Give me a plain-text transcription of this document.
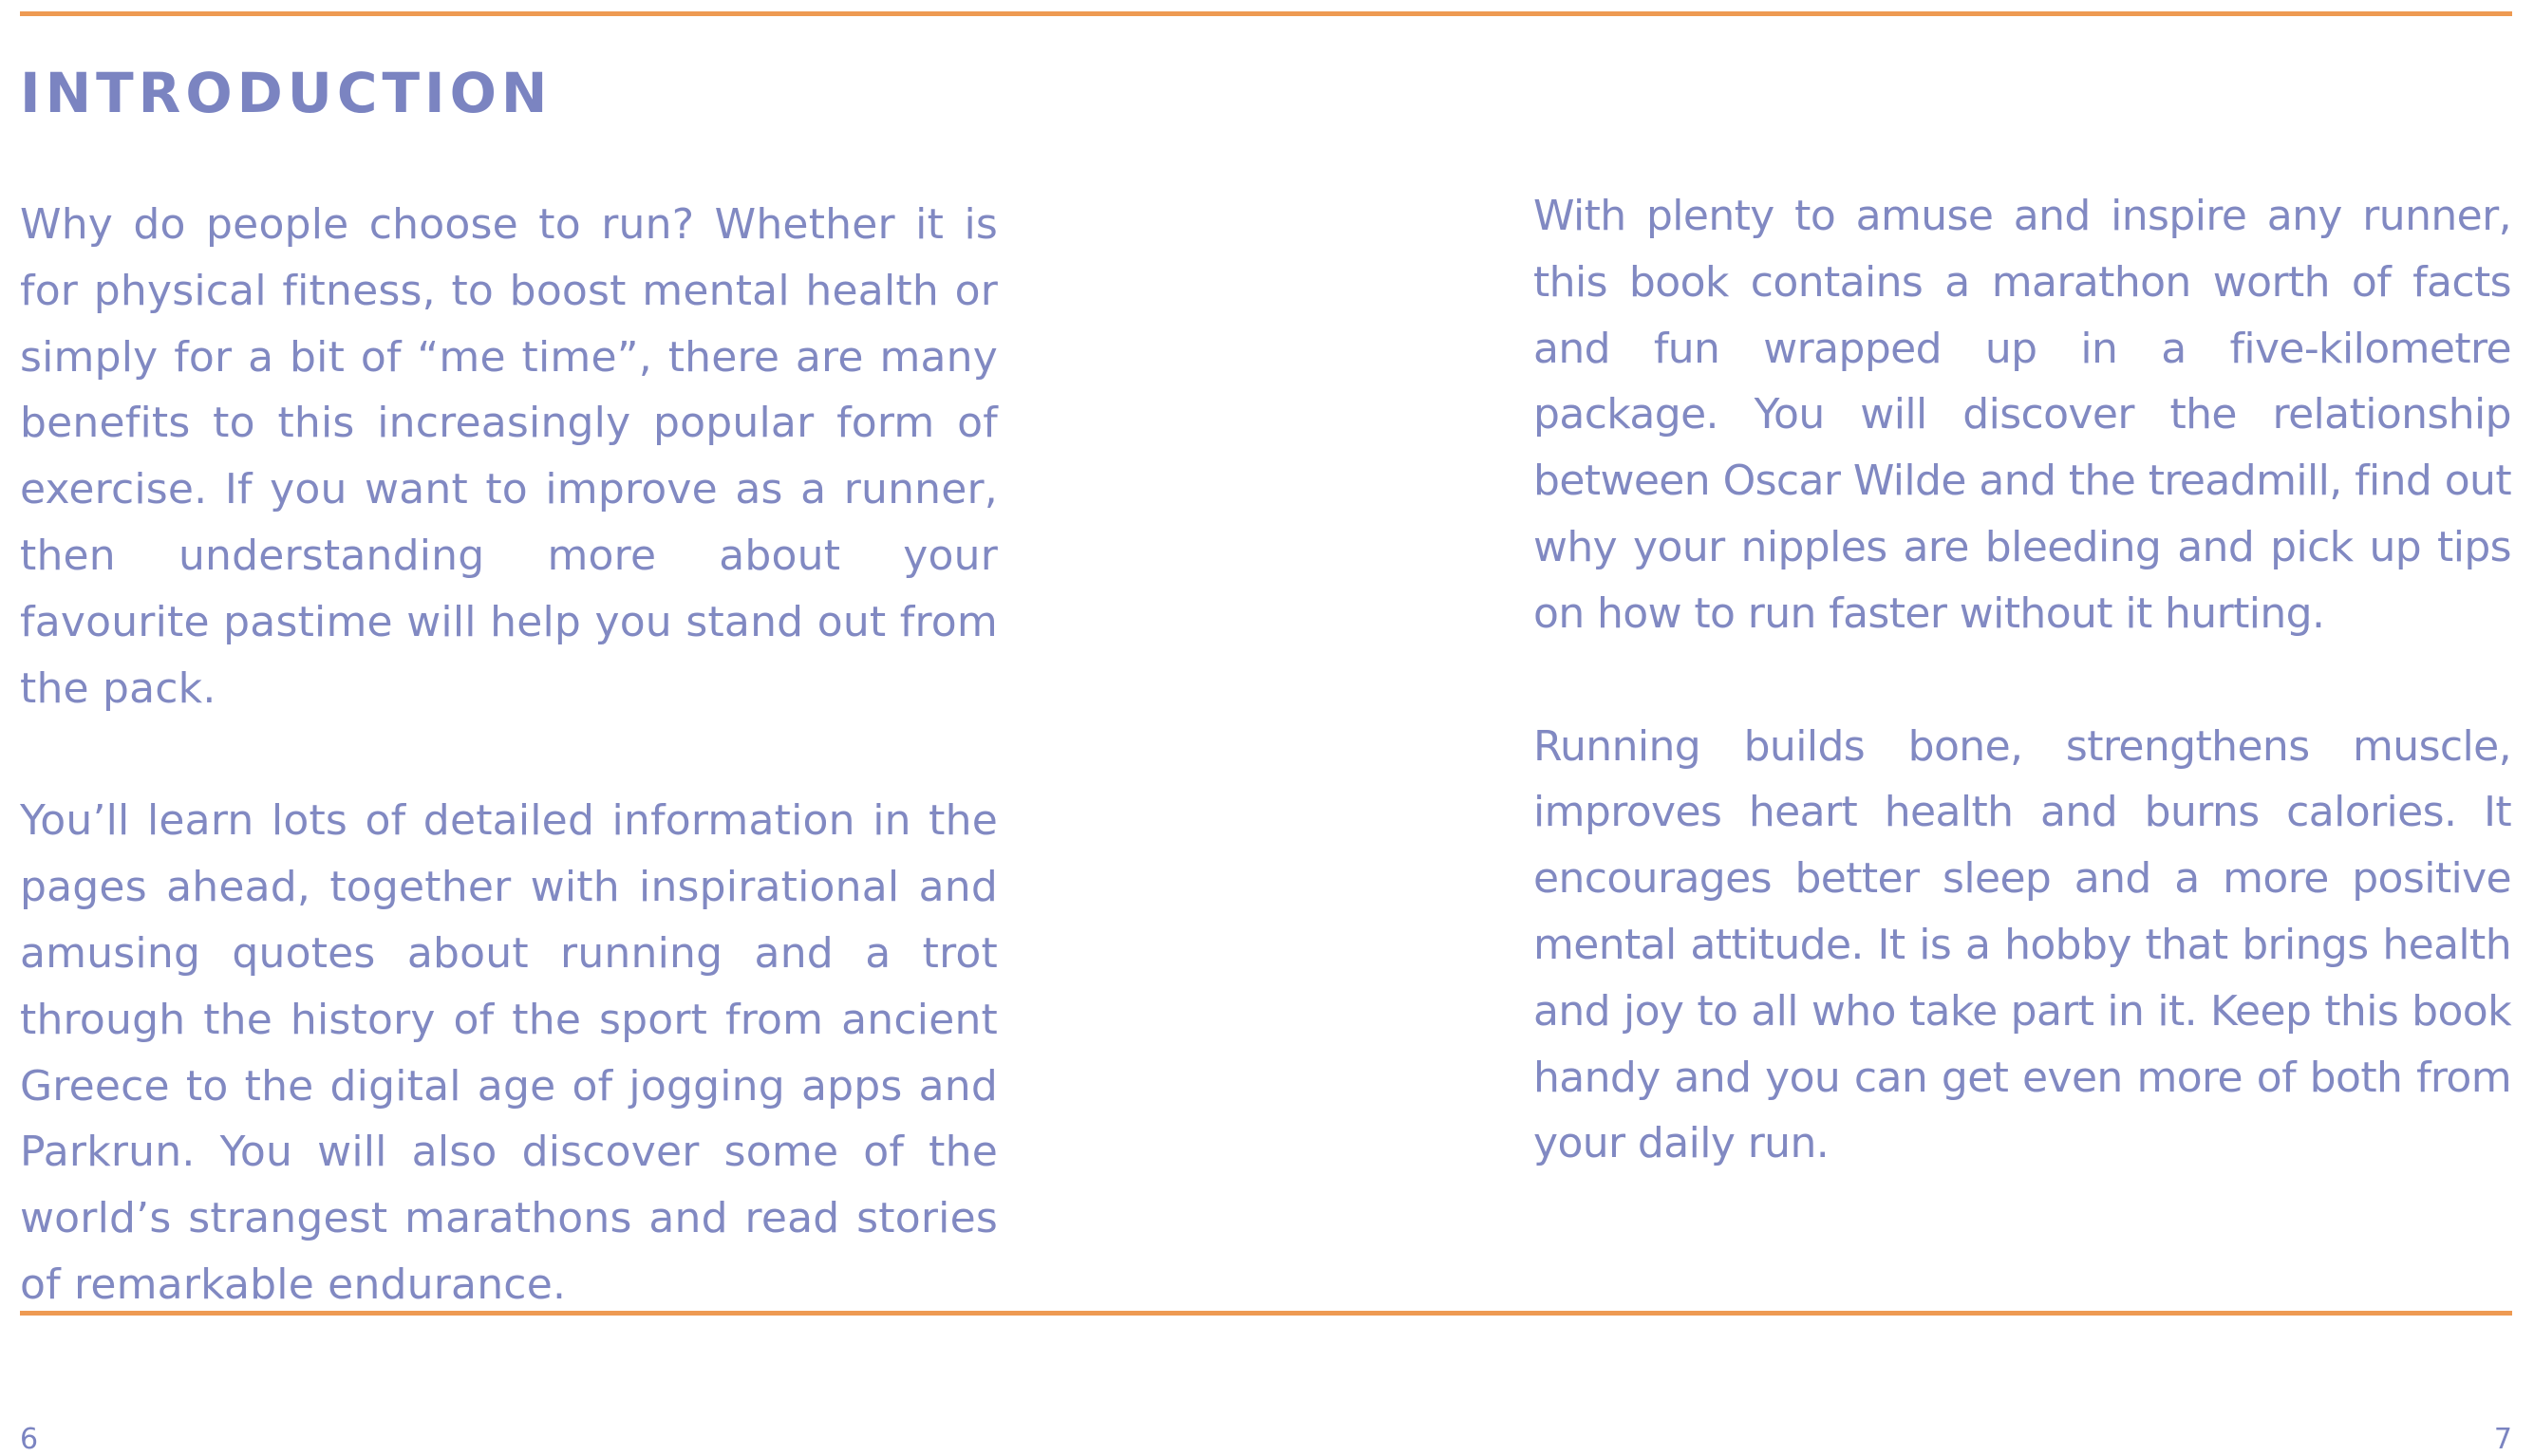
INTRODUCTION

Why do people choose to run? Whether it is for physical fitness, to boost mental health or simply for a bit of “me time”, there are many benefits to this increasingly popular form of exercise. If you want to improve as a runner, then understanding more about your favourite pastime will help you stand out from the pack.

You’ll learn lots of detailed information in the pages ahead, together with inspirational and amusing quotes about running and a trot through the history of the sport from ancient Greece to the digital age of jogging apps and Parkrun. You will also discover some of the world’s strangest marathons and read stories of remarkable endurance.

With plenty to amuse and inspire any runner, this book contains a marathon worth of facts and fun wrapped up in a five-kilometre package. You will discover the relationship between Oscar Wilde and the treadmill, find out why your nipples are bleeding and pick up tips on how to run faster without it hurting.

Running builds bone, strengthens muscle, improves heart health and burns calories. It encourages better sleep and a more positive mental attitude. It is a hobby that brings health and joy to all who take part in it. Keep this book handy and you can get even more of both from your daily run.

6	7
